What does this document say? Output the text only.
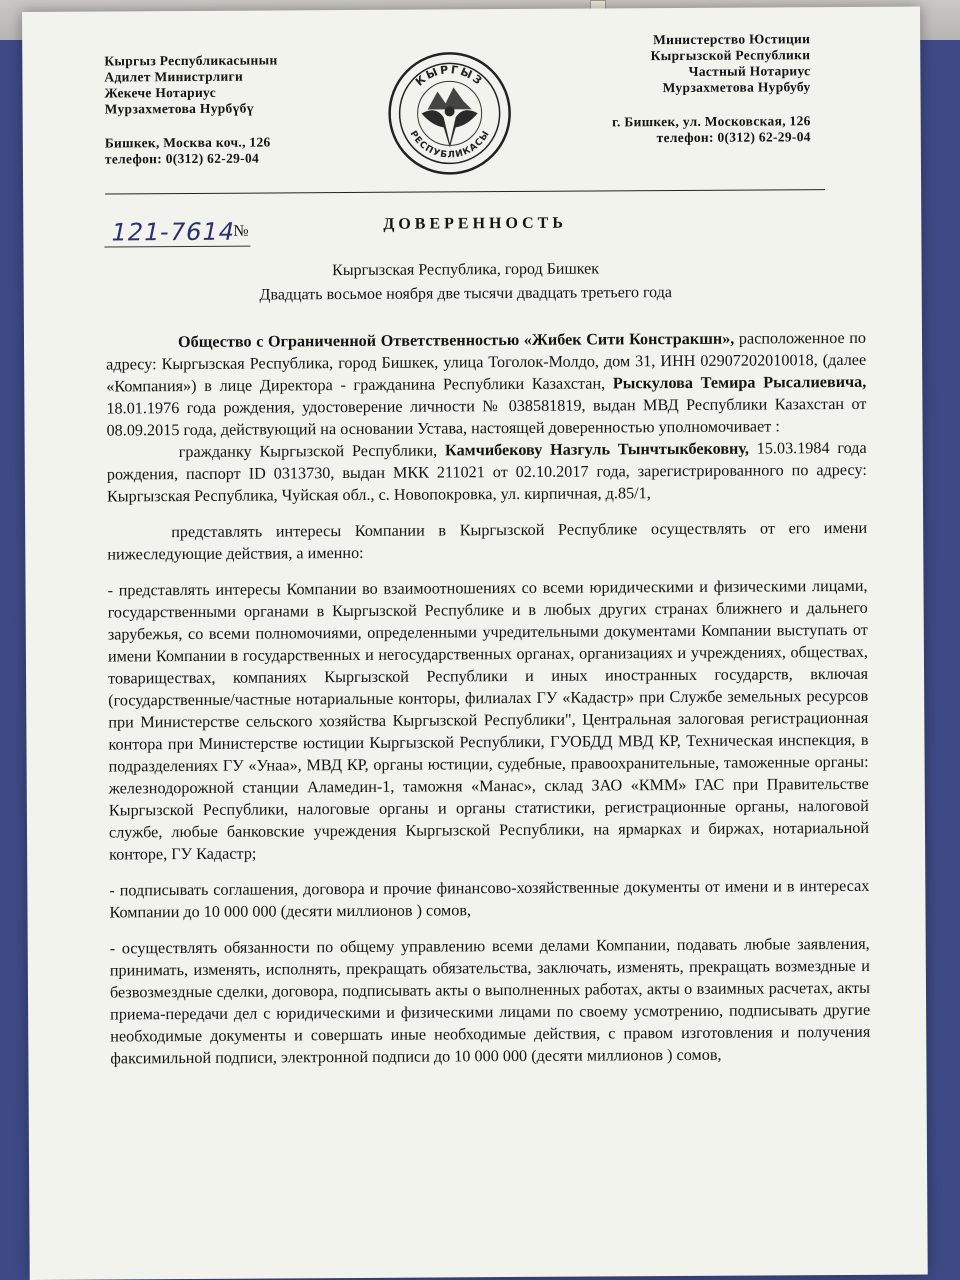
Кыргыз Республикасынын
Адилет Министрлиги
Жекече Нотариус
Мурзахметова Нурбүбү
Бишкек, Москва коч., 126
телефон: 0(312) 62-29-04
КЫРГЫЗ
РЕСПУБЛИКАСЫ
Министерство Юстиции
Кыргызской Республики
Частный Нотариус
Мурзахметова Нурбубу
г. Бишкек, ул. Московская, 126
телефон: 0(312) 62-29-04
121-7614
№	ДОВЕРЕННОСТЬ
Кыргызская Республика, город Бишкек
Двадцать восьмое ноября две тысячи двадцать третьего года

Общество с Ограниченной Ответственностью «Жибек Сити Констракшн», расположенное по адресу: Кыргызская Республика, город Бишкек, улица Тоголок-Молдо, дом 31, ИНН 02907202010018, (далее «Компания») в лице Директора - гражданина Республики Казахстан, Рыскулова Темира Рысалиевича, 18.01.1976 года рождения, удостоверение личности № 038581819, выдан МВД Республики Казахстан от 08.09.2015 года, действующий на основании Устава, настоящей доверенностью уполномочивает :

гражданку Кыргызской Республики, Камчибекову Назгуль Тынчтыкбековну, 15.03.1984 года рождения, паспорт ID 0313730, выдан МКК 211021 от 02.10.2017 года, зарегистрированного по адресу: Кыргызская Республика, Чуйская обл., с. Новопокровка, ул. кирпичная, д.85/1,

представлять интересы Компании в Кыргызской Республике осуществлять от его имени нижеследующие действия, а именно:

- представлять интересы Компании во взаимоотношениях со всеми юридическими и физическими лицами, государственными органами в Кыргызской Республике и в любых других странах ближнего и дальнего зарубежья, со всеми полномочиями, определенными учредительными документами Компании выступать от имени Компании в государственных и негосударственных органах, организациях и учреждениях, обществах, товариществах, компаниях Кыргызской Республики и иных иностранных государств, включая (государственные/частные нотариальные конторы, филиалах ГУ «Кадастр» при Службе земельных ресурсов при Министерстве сельского хозяйства Кыргызской Республики", Центральная залоговая регистрационная контора при Министерстве юстиции Кыргызской Республики, ГУОБДД МВД КР, Техническая инспекция, в подразделениях ГУ «Унаа», МВД КР, органы юстиции, судебные, правоохранительные, таможенные органы: железнодорожной станции Аламедин-1, таможня «Манас», склад ЗАО «КММ» ГАС при Правительстве Кыргызской Республики, налоговые органы и органы статистики, регистрационные органы, налоговой службе, любые банковские учреждения Кыргызской Республики, на ярмарках и биржах, нотариальной конторе, ГУ Кадастр;

- подписывать соглашения, договора и прочие финансово-хозяйственные документы от имени и в интересах Компании до 10 000 000 (десяти миллионов ) сомов,

- осуществлять обязанности по общему управлению всеми делами Компании, подавать любые заявления, принимать, изменять, исполнять, прекращать обязательства, заключать, изменять, прекращать возмездные и безвозмездные сделки, договора, подписывать акты о выполненных работах, акты о взаимных расчетах, акты приема-передачи дел с юридическими и физическими лицами по своему усмотрению, подписывать другие необходимые документы и совершать иные необходимые действия, с правом изготовления и получения факсимильной подписи, электронной подписи до 10 000 000 (десяти миллионов ) сомов,
